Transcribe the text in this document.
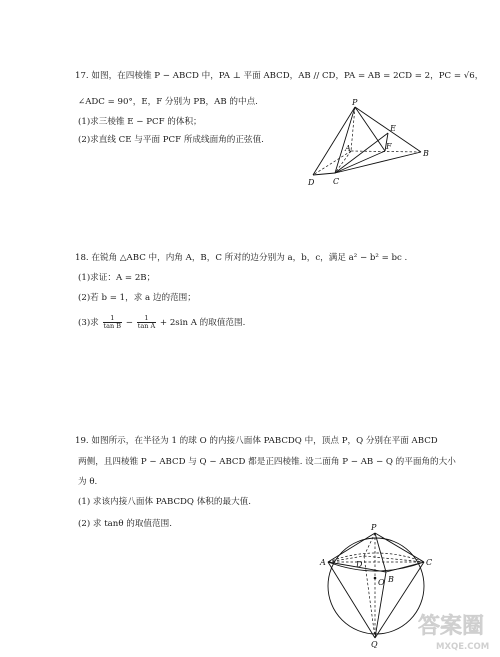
17. 如图，在四棱锥 P − ABCD 中，PA ⊥ 平面 ABCD，AB // CD，PA = AB = 2CD = 2，PC = √6，
∠ADC = 90°，E，F 分别为 PB，AB 的中点.
(1)求三棱锥 E − PCF 的体积；
(2)求直线 CE 与平面 PCF 所成线面角的正弦值.
P
E
A	F
B
D C
18. 在锐角 △ABC 中，内角 A，B，C 所对的边分别为 a，b，c，满足 a² − b² = bc .
(1)求证：A = 2B；
(2)若 b = 1，求 a 边的范围；
(3)求 $\frac{1}{\text{tan B}} - \frac{1}{\text{tan A}} + 2\sin$ A 的取值范围.
19. 如图所示，在半径为 1 的球 O 的内接八面体 PABCDQ 中，顶点 P，Q 分别在平面 ABCD
两侧，且四棱锥 P − ABCD 与 Q − ABCD 都是正四棱锥. 设二面角 P − AB − Q 的平面角的大小
为 θ.
(1) 求该内接八面体 PABCDQ 体积的最大值.
(2) 求 tanθ 的取值范围.	P
A	D
O B
C
Q
答案圈
MXQE.COM
